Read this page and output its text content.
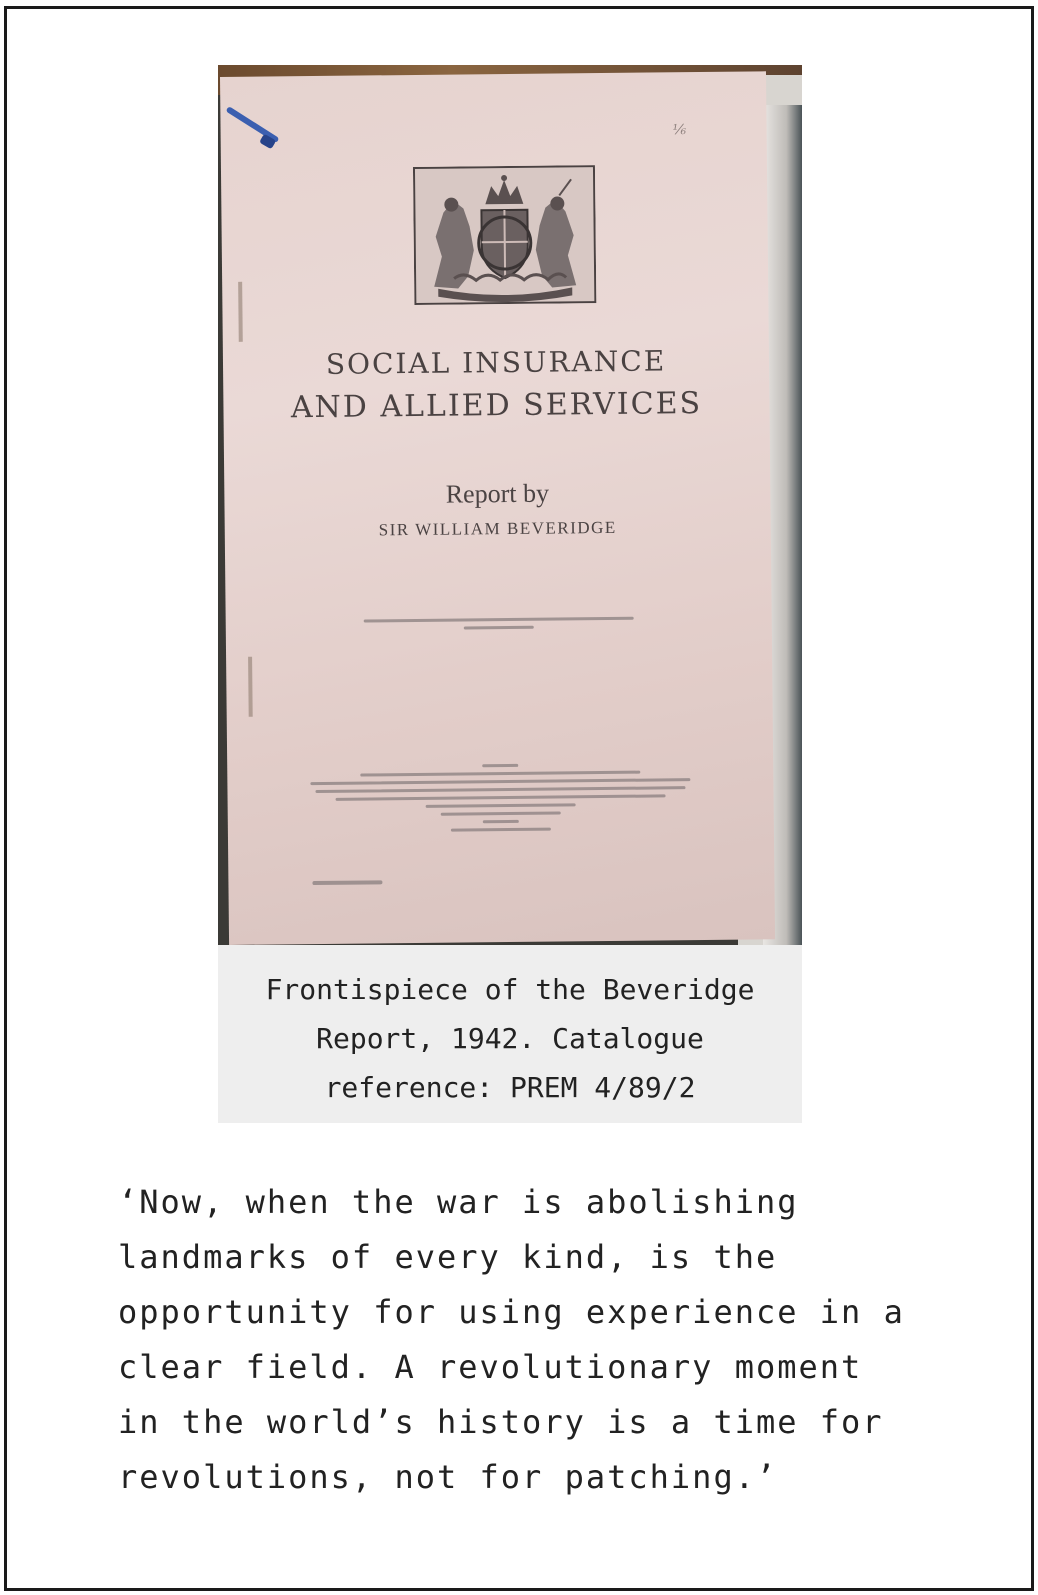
⅟₆
SOCIAL INSURANCE
AND ALLIED SERVICES
Report by
SIR WILLIAM BEVERIDGE
Frontispiece of the Beveridge Report, 1942. Catalogue reference: PREM 4/89/2
‘Now, when the war is abolishing
landmarks of every kind, is the
opportunity for using experience in a
clear field. A revolutionary moment
in the world’s history is a time for
revolutions, not for patching.’
